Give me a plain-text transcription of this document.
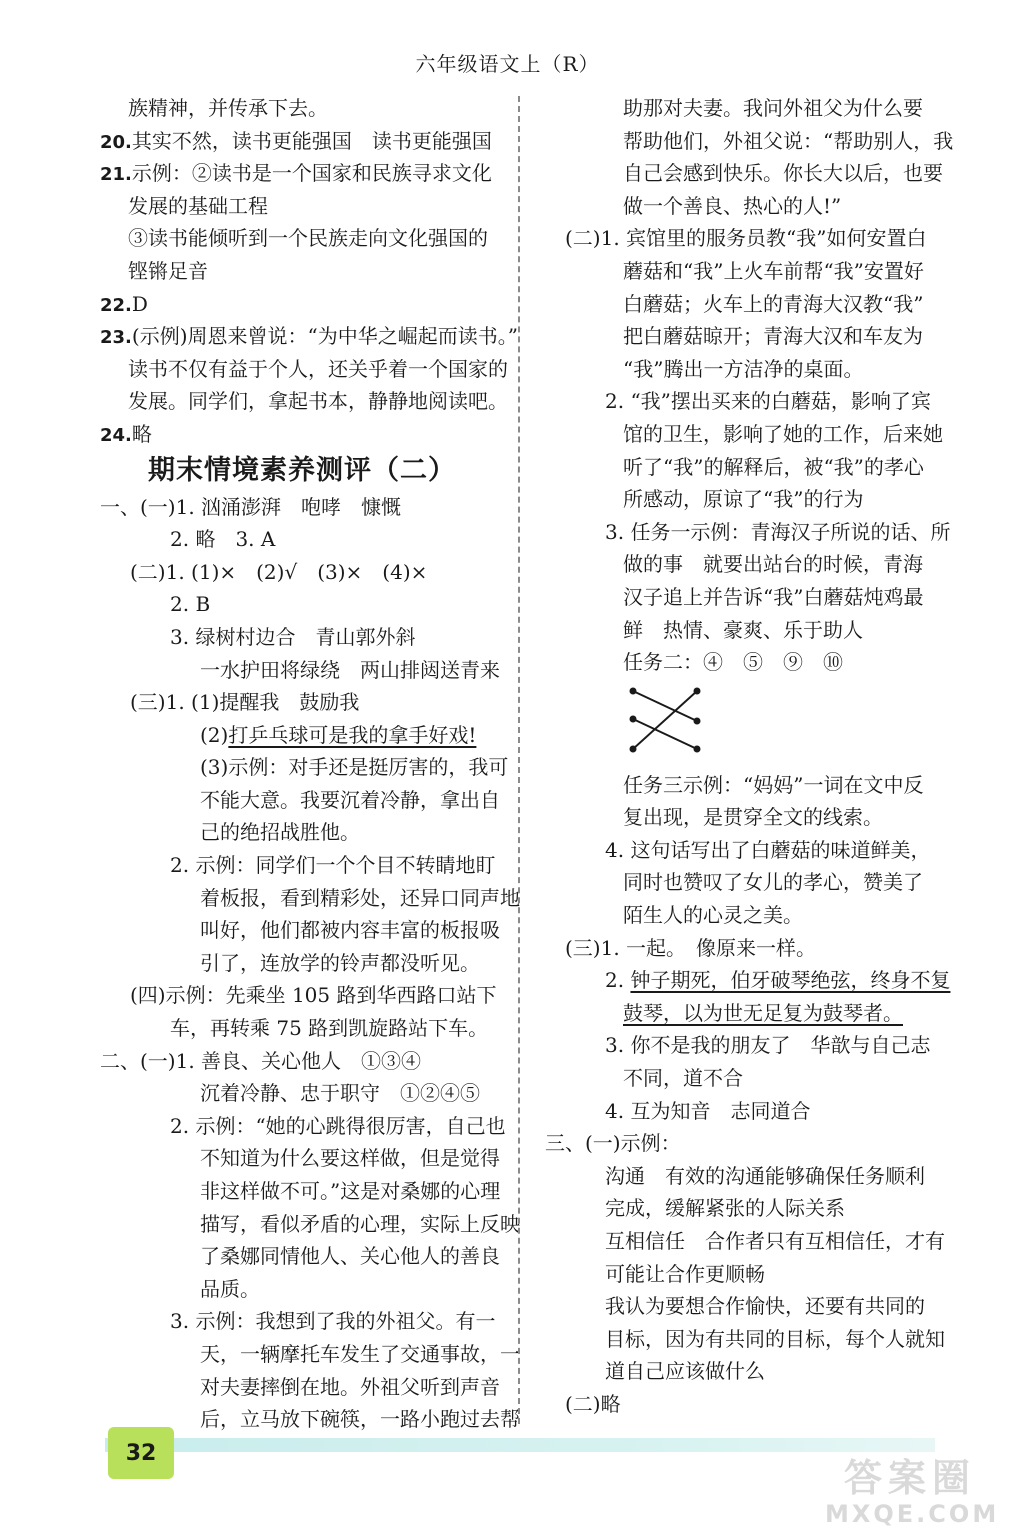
六年级语文上（R）
族精神，并传承下去。
20.其实不然，读书更能强国　读书更能强国
21.示例：②读书是一个国家和民族寻求文化
发展的基础工程
③读书能倾听到一个民族走向文化强国的
铿锵足音
22.D
23.(示例)周恩来曾说：“为中华之崛起而读书。”
读书不仅有益于个人，还关乎着一个国家的
发展。同学们，拿起书本，静静地阅读吧。
24.略
期末情境素养测评（二）
一、(一)1. 汹涌澎湃　咆哮　慷慨
2. 略　3. A
(二)1. (1)×　(2)√　(3)×　(4)×
2. B
3. 绿树村边合　青山郭外斜
一水护田将绿绕　两山排闼送青来
(三)1. (1)提醒我　鼓励我
(2)打乒乓球可是我的拿手好戏!
(3)示例：对手还是挺厉害的，我可
不能大意。我要沉着冷静，拿出自
己的绝招战胜他。
2. 示例：同学们一个个目不转睛地盯
着板报，看到精彩处，还异口同声地
叫好，他们都被内容丰富的板报吸
引了，连放学的铃声都没听见。
(四)示例：先乘坐 105 路到华西路口站下
车，再转乘 75 路到凯旋路站下车。
二、(一)1. 善良、关心他人　①③④
沉着冷静、忠于职守　①②④⑤
2. 示例：“她的心跳得很厉害，自己也
不知道为什么要这样做，但是觉得
非这样做不可。”这是对桑娜的心理
描写，看似矛盾的心理，实际上反映
了桑娜同情他人、关心他人的善良
品质。
3. 示例：我想到了我的外祖父。有一
天，一辆摩托车发生了交通事故，一
对夫妻摔倒在地。外祖父听到声音
后，立马放下碗筷，一路小跑过去帮
助那对夫妻。我问外祖父为什么要
帮助他们，外祖父说：“帮助别人，我
自己会感到快乐。你长大以后，也要
做一个善良、热心的人!”
(二)1. 宾馆里的服务员教“我”如何安置白
蘑菇和“我”上火车前帮“我”安置好
白蘑菇；火车上的青海大汉教“我”
把白蘑菇晾开；青海大汉和车友为
“我”腾出一方洁净的桌面。
2. “我”摆出买来的白蘑菇，影响了宾
馆的卫生，影响了她的工作，后来她
听了“我”的解释后，被“我”的孝心
所感动，原谅了“我”的行为
3. 任务一示例：青海汉子所说的话、所
做的事　就要出站台的时候，青海
汉子追上并告诉“我”白蘑菇炖鸡最
鲜　热情、豪爽、乐于助人
任务二：④　⑤　⑨　⑩
任务三示例：“妈妈”一词在文中反
复出现，是贯穿全文的线索。
4. 这句话写出了白蘑菇的味道鲜美，
同时也赞叹了女儿的孝心，赞美了
陌生人的心灵之美。
(三)1. 一起。　像原来一样。
2. 钟子期死，伯牙破琴绝弦，终身不复
鼓琴，以为世无足复为鼓琴者。
3. 你不是我的朋友了　华歆与自己志
不同，道不合
4. 互为知音　志同道合
三、(一)示例：
沟通　有效的沟通能够确保任务顺利
完成，缓解紧张的人际关系
互相信任　合作者只有互相信任，才有
可能让合作更顺畅
我认为要想合作愉快，还要有共同的
目标，因为有共同的目标，每个人就知
道自己应该做什么
(二)略
32
答案圈
MXQE.COM
